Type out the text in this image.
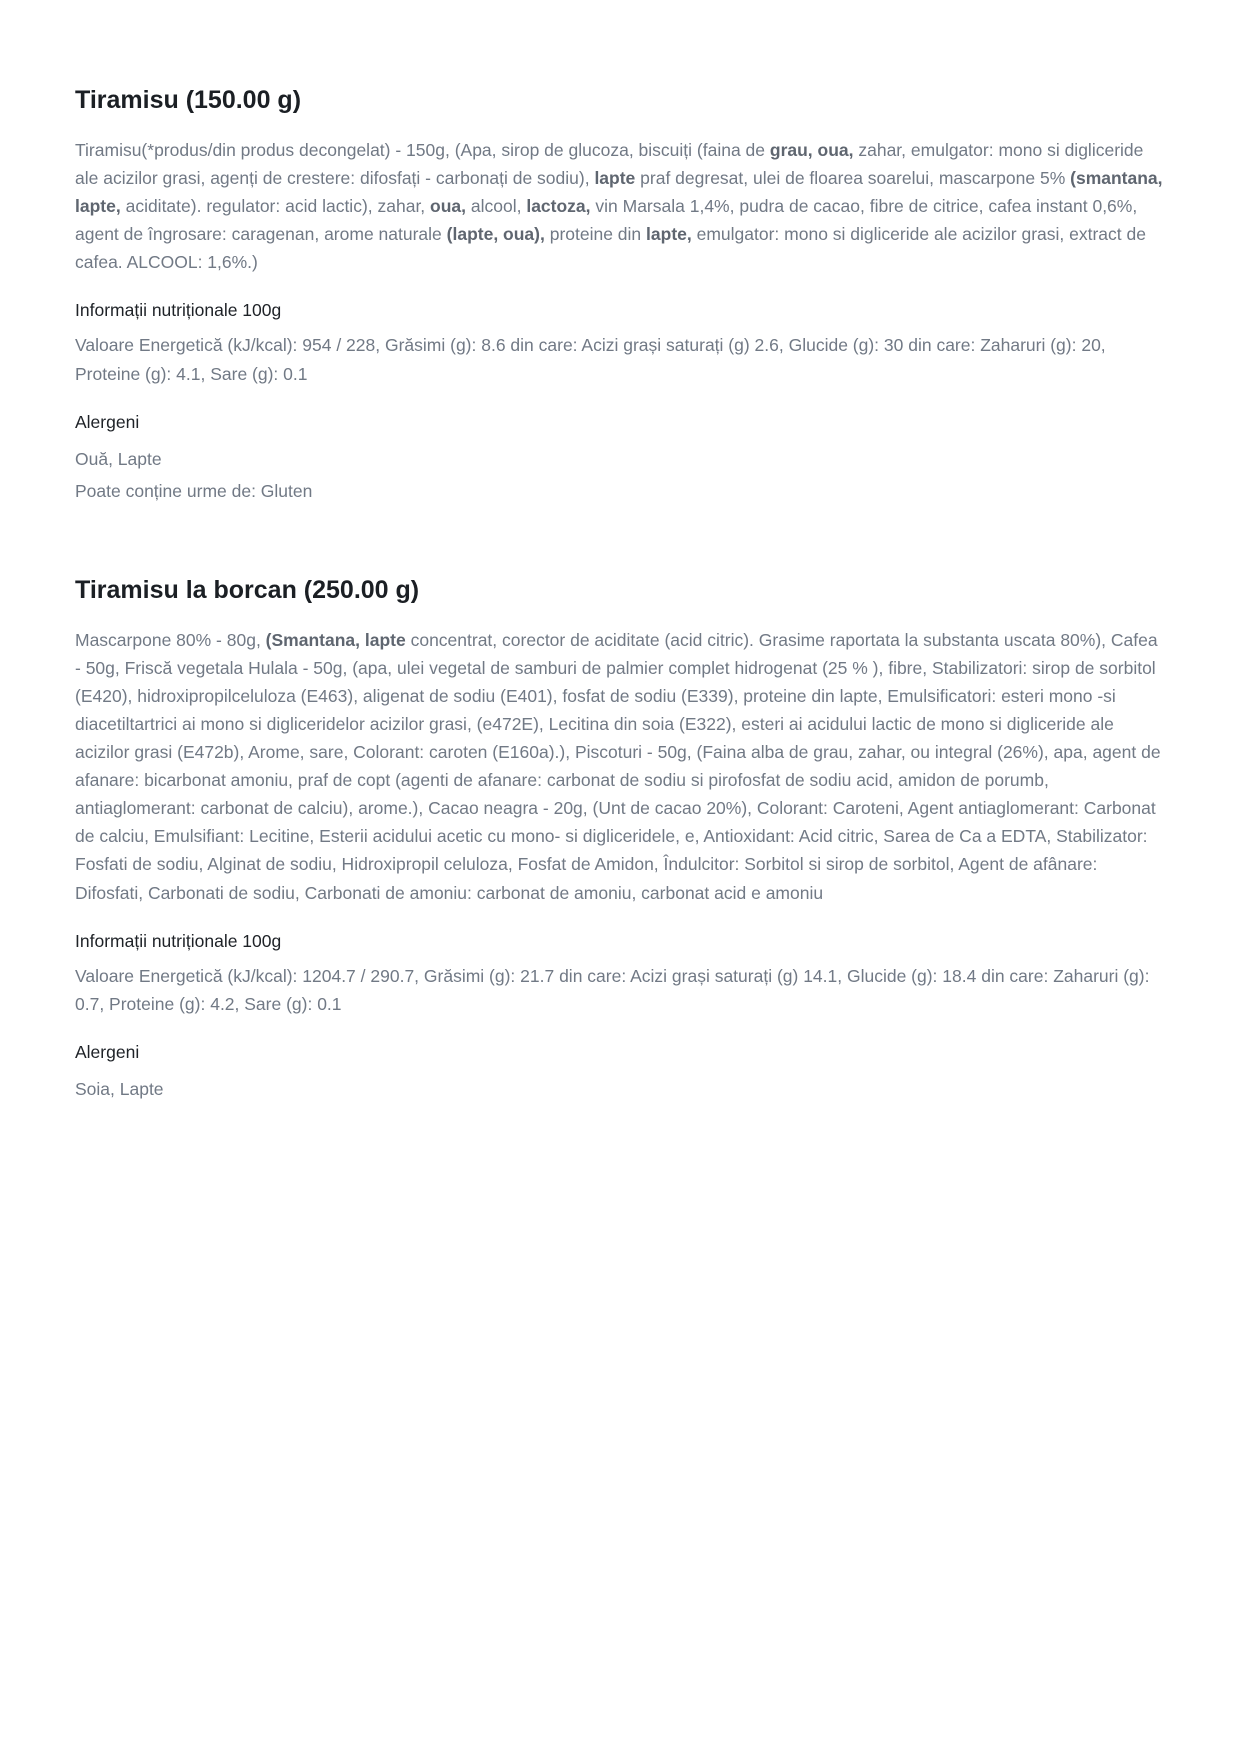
Tiramisu (150.00 g)

Tiramisu(*produs/din produs decongelat) - 150g, (Apa, sirop de glucoza, biscuiți (faina de grau, oua, zahar, emulgator: mono si digliceride ale acizilor grasi, agenți de crestere: difosfați - carbonați de sodiu), lapte praf degresat, ulei de floarea soarelui, mascarpone 5% (smantana, lapte, aciditate). regulator: acid lactic), zahar, oua, alcool, lactoza, vin Marsala 1,4%, pudra de cacao, fibre de citrice, cafea instant 0,6%, agent de îngrosare: caragenan, arome naturale (lapte, oua), proteine din lapte, emulgator: mono si digliceride ale acizilor grasi, extract de cafea. ALCOOL: 1,6%.)

Informații nutriționale 100g

Valoare Energetică (kJ/kcal): 954 / 228, Grăsimi (g): 8.6 din care: Acizi grași saturați (g) 2.6, Glucide (g): 30 din care: Zaharuri (g): 20, Proteine (g): 4.1, Sare (g): 0.1

Alergeni
Ouă, Lapte
Poate conține urme de: Gluten
Tiramisu la borcan (250.00 g)

Mascarpone 80% - 80g, (Smantana, lapte concentrat, corector de aciditate (acid citric). Grasime raportata la substanta uscata 80%), Cafea - 50g, Friscă vegetala Hulala - 50g, (apa, ulei vegetal de samburi de palmier complet hidrogenat (25 % ), fibre, Stabilizatori: sirop de sorbitol (E420), hidroxipropilceluloza (E463), aligenat de sodiu (E401), fosfat de sodiu (E339), proteine din lapte, Emulsificatori: esteri mono -si diacetiltartrici ai mono si digliceridelor acizilor grasi, (e472E), Lecitina din soia (E322), esteri ai acidului lactic de mono si digliceride ale acizilor grasi (E472b), Arome, sare, Colorant: caroten (E160a).), Piscoturi - 50g, (Faina alba de grau, zahar, ou integral (26%), apa, agent de afanare: bicarbonat amoniu, praf de copt (agenti de afanare: carbonat de sodiu si pirofosfat de sodiu acid, amidon de porumb, antiaglomerant: carbonat de calciu), arome.), Cacao neagra - 20g, (Unt de cacao 20%), Colorant: Caroteni, Agent antiaglomerant: Carbonat de calciu, Emulsifiant: Lecitine, Esterii acidului acetic cu mono- si digliceridele, e, Antioxidant: Acid citric, Sarea de Ca a EDTA, Stabilizator: Fosfati de sodiu, Alginat de sodiu, Hidroxipropil celuloza, Fosfat de Amidon, Îndulcitor: Sorbitol si sirop de sorbitol, Agent de afânare: Difosfati, Carbonati de sodiu, Carbonati de amoniu: carbonat de amoniu, carbonat acid e amoniu

Informații nutriționale 100g

Valoare Energetică (kJ/kcal): 1204.7 / 290.7, Grăsimi (g): 21.7 din care: Acizi grași saturați (g) 14.1, Glucide (g): 18.4 din care: Zaharuri (g): 0.7, Proteine (g): 4.2, Sare (g): 0.1

Alergeni
Soia, Lapte
